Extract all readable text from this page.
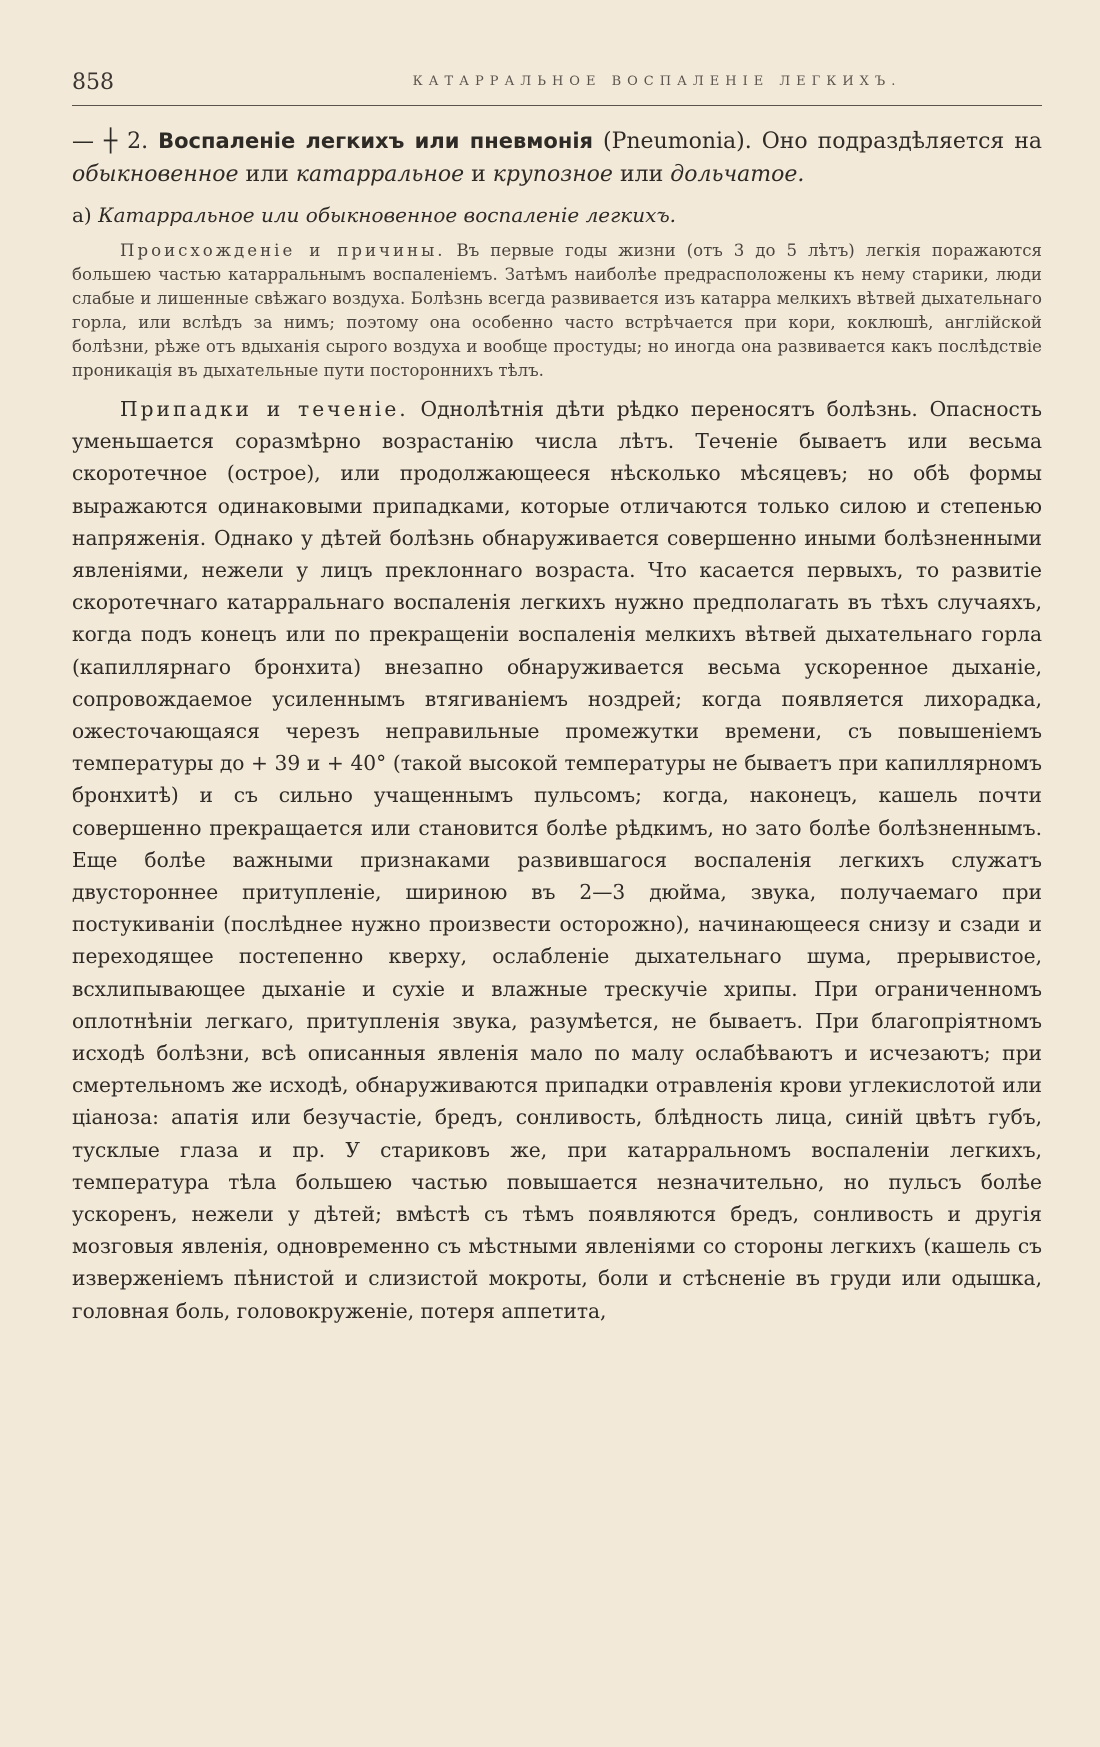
858	КАТАРРАЛЬНОЕ ВОСПАЛЕНІЕ ЛЕГКИХЪ.

— ┼ 2. Воспаленіе легкихъ или пневмонія (Pneumonia). Оно подраздѣляется на обыкновенное или катарральное и крупозное или дольчатое.

а) Катарральное или обыкновенное воспаленіе легкихъ.

Происхожденіе и причины. Въ первые годы жизни (отъ 3 до 5 лѣтъ) легкія поражаются большею частью катарральнымъ воспаленіемъ. Затѣмъ наиболѣе предрасположены къ нему старики, люди слабые и лишенные свѣжаго воздуха. Болѣзнь всегда развивается изъ катарра мелкихъ вѣтвей дыхательнаго горла, или вслѣдъ за нимъ; поэтому она особенно часто встрѣчается при кори, коклюшѣ, англійской болѣзни, рѣже отъ вдыханія сырого воздуха и вообще простуды; но иногда она развивается какъ послѣдствіе проникація въ дыхательные пути постороннихъ тѣлъ.

Припадки и теченіе. Однолѣтнія дѣти рѣдко переносятъ болѣзнь. Опасность уменьшается соразмѣрно возрастанію числа лѣтъ. Теченіе бываетъ или весьма скоротечное (острое), или продолжающееся нѣсколько мѣсяцевъ; но обѣ формы выражаются одинаковыми припадками, которые отличаются только силою и степенью напряженія. Однако у дѣтей болѣзнь обнаруживается совершенно иными болѣзненными явленіями, нежели у лицъ преклоннаго возраста. Что касается первыхъ, то развитіе скоротечнаго катарральнаго воспаленія легкихъ нужно предполагать въ тѣхъ случаяхъ, когда подъ конецъ или по прекращеніи воспаленія мелкихъ вѣтвей дыхательнаго горла (капиллярнаго бронхита) внезапно обнаруживается весьма ускоренное дыханіе, сопровождаемое усиленнымъ втягиваніемъ ноздрей; когда появляется лихорадка, ожесточающаяся черезъ неправильные промежутки времени, съ повышеніемъ температуры до + 39 и + 40° (такой высокой температуры не бываетъ при капиллярномъ бронхитѣ) и съ сильно учащеннымъ пульсомъ; когда, наконецъ, кашель почти совершенно прекращается или становится болѣе рѣдкимъ, но зато болѣе болѣзненнымъ. Еще болѣе важными признаками развившагося воспаленія легкихъ служатъ двустороннее притупленіе, шириною въ 2—3 дюйма, звука, получаемаго при постукиваніи (послѣднее нужно произвести осторожно), начинающееся снизу и сзади и переходящее постепенно кверху, ослабленіе дыхательнаго шума, прерывистое, всхлипывающее дыханіе и сухіе и влажные трескучіе хрипы. При ограниченномъ оплотнѣніи легкаго, притупленія звука, разумѣется, не бываетъ. При благопріятномъ исходѣ болѣзни, всѣ описанныя явленія мало по малу ослабѣваютъ и исчезаютъ; при смертельномъ же исходѣ, обнаруживаются припадки отравленія крови углекислотой или ціаноза: апатія или безучастіе, бредъ, сонливость, блѣдность лица, синій цвѣтъ губъ, тусклые глаза и пр. У стариковъ же, при катарральномъ воспаленіи легкихъ, температура тѣла большею частью повышается незначительно, но пульсъ болѣе ускоренъ, нежели у дѣтей; вмѣстѣ съ тѣмъ появляются бредъ, сонливость и другія мозговыя явленія, одновременно съ мѣстными явленіями со стороны легкихъ (кашель съ изверженіемъ пѣнистой и слизистой мокроты, боли и стѣсненіе въ груди или одышка, головная боль, головокруженіе, потеря аппетита,
